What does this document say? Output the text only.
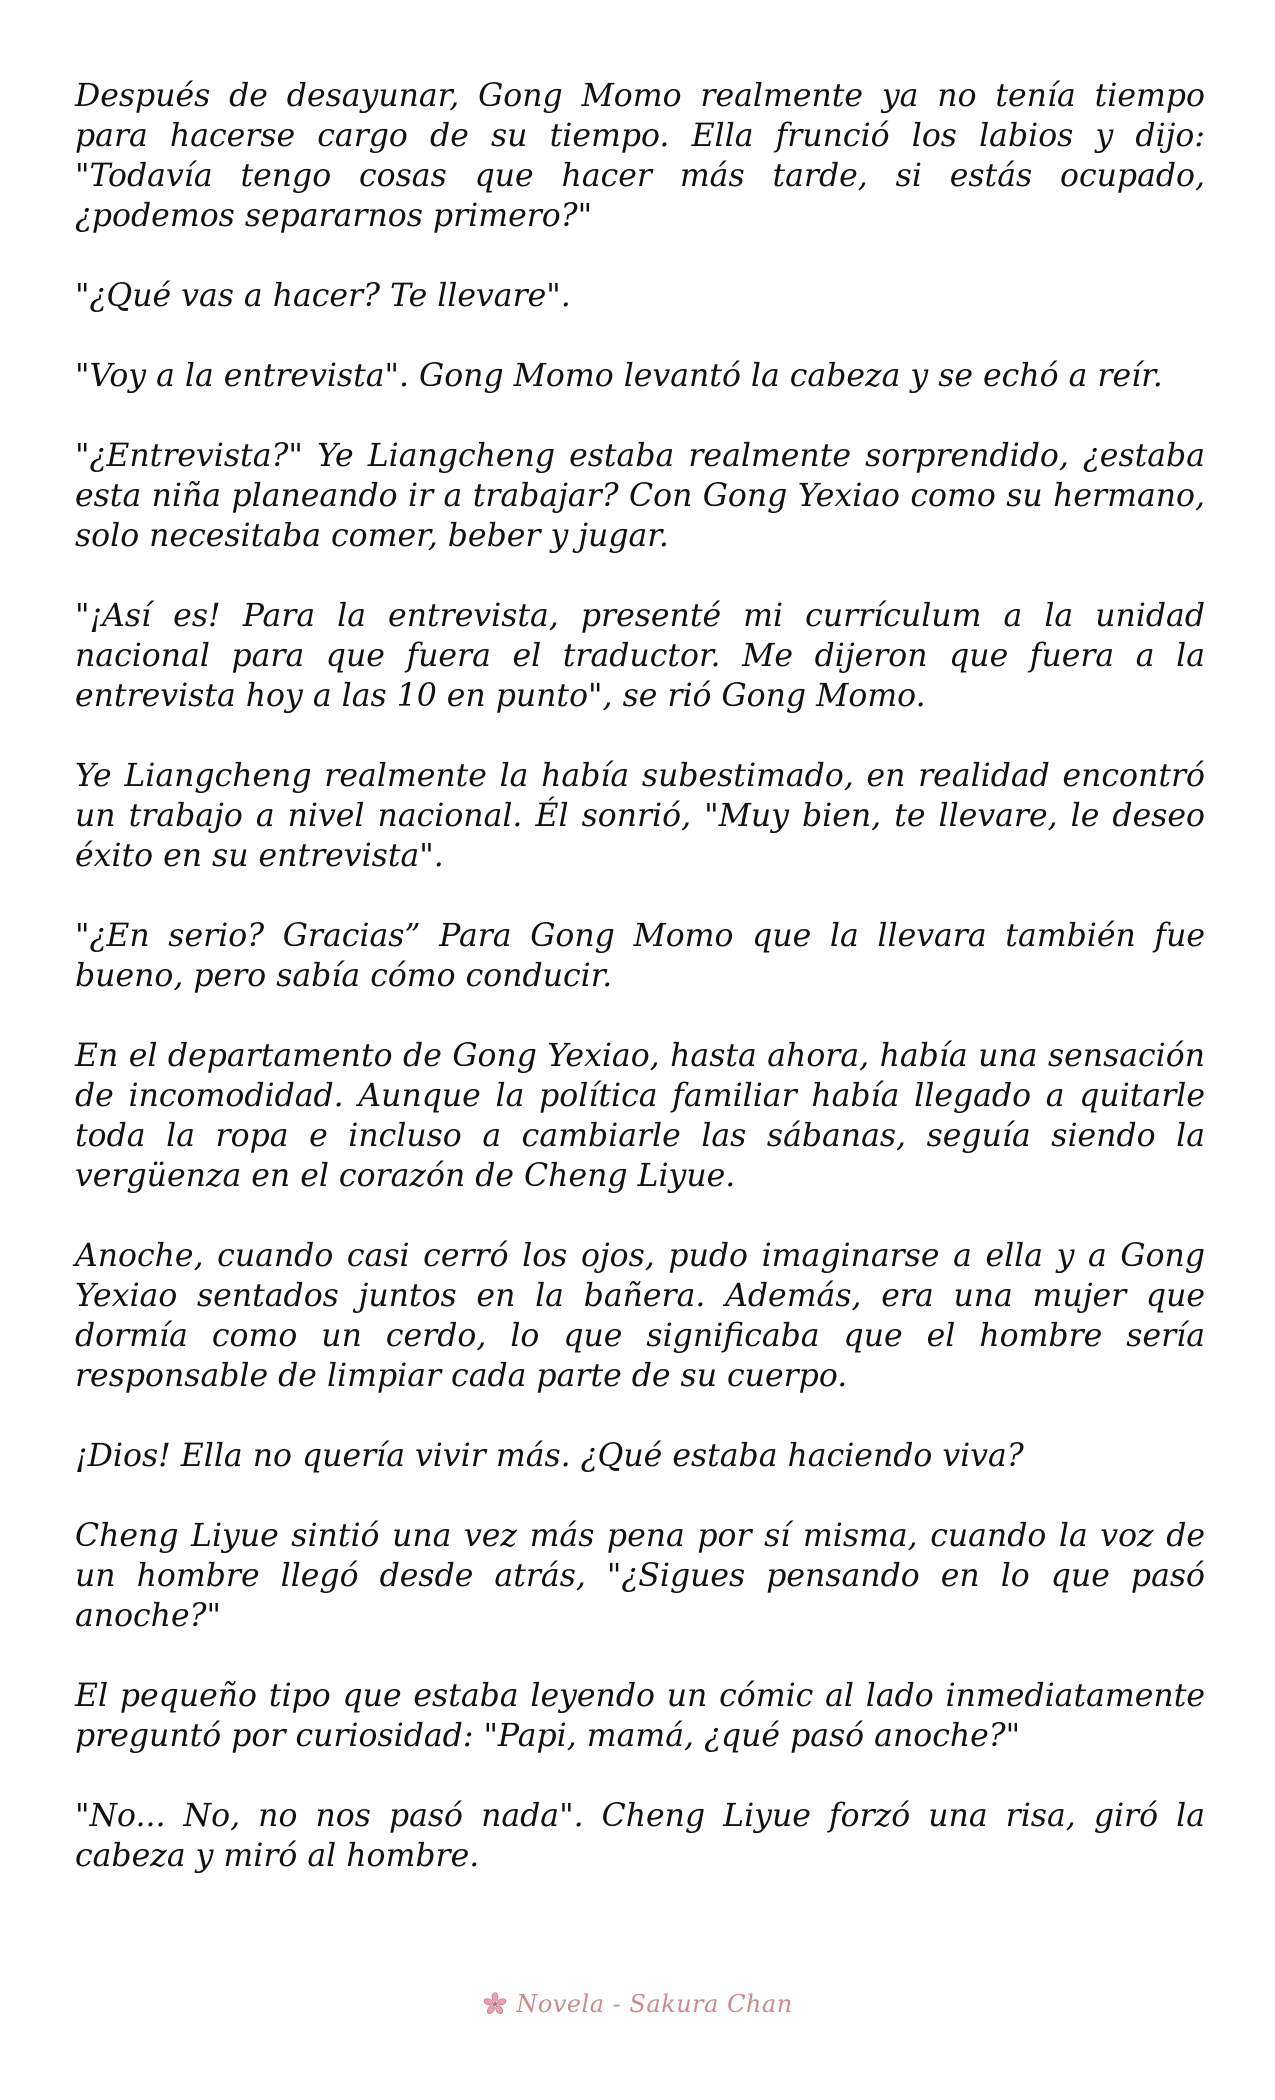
Después de desayunar, Gong Momo realmente ya no tenía tiempo para hacerse cargo de su tiempo. Ella frunció los labios y dijo: "Todavía tengo cosas que hacer más tarde, si estás ocupado, ¿podemos separarnos primero?"

"¿Qué vas a hacer? Te llevare".

"Voy a la entrevista". Gong Momo levantó la cabeza y se echó a reír.

"¿Entrevista?" Ye Liangcheng estaba realmente sorprendido, ¿estaba esta niña planeando ir a trabajar? Con Gong Yexiao como su hermano, solo necesitaba comer, beber y jugar.

"¡Así es! Para la entrevista, presenté mi currículum a la unidad nacional para que fuera el traductor. Me dijeron que fuera a la entrevista hoy a las 10 en punto", se rió Gong Momo.

Ye Liangcheng realmente la había subestimado, en realidad encontró un trabajo a nivel nacional. Él sonrió, "Muy bien, te llevare, le deseo éxito en su entrevista".

"¿En serio? Gracias” Para Gong Momo que la llevara también fue bueno, pero sabía cómo conducir.

En el departamento de Gong Yexiao, hasta ahora, había una sensación de incomodidad. Aunque la política familiar había llegado a quitarle toda la ropa e incluso a cambiarle las sábanas, seguía siendo la vergüenza en el corazón de Cheng Liyue.

Anoche, cuando casi cerró los ojos, pudo imaginarse a ella y a Gong Yexiao sentados juntos en la bañera. Además, era una mujer que dormía como un cerdo, lo que significaba que el hombre sería responsable de limpiar cada parte de su cuerpo.

¡Dios! Ella no quería vivir más. ¿Qué estaba haciendo viva?

Cheng Liyue sintió una vez más pena por sí misma, cuando la voz de un hombre llegó desde atrás, "¿Sigues pensando en lo que pasó anoche?"

El pequeño tipo que estaba leyendo un cómic al lado inmediatamente preguntó por curiosidad: "Papi, mamá, ¿qué pasó anoche?"

"No... No, no nos pasó nada". Cheng Liyue forzó una risa, giró la cabeza y miró al hombre.

Novela - Sakura Chan
